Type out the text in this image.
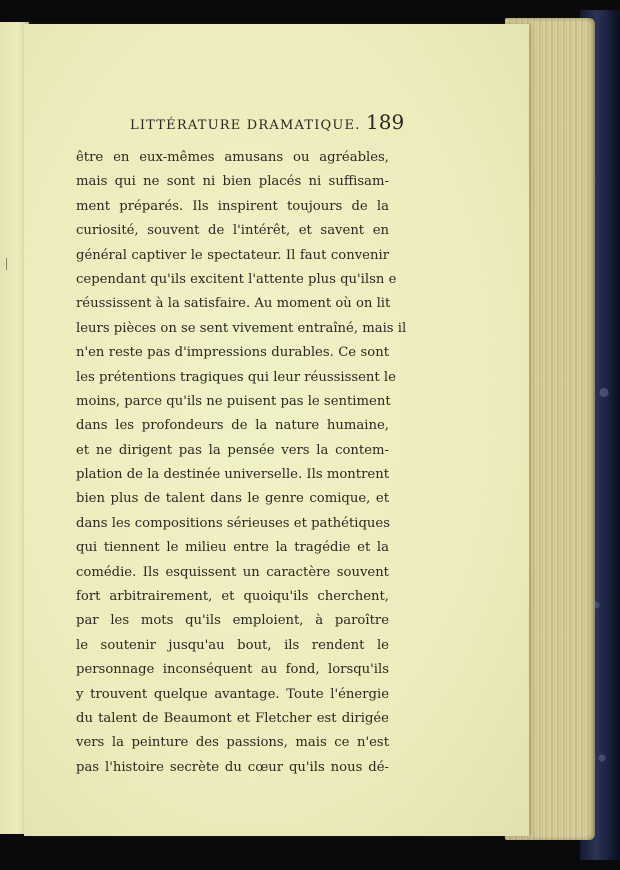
LITTÉRATURE DRAMATIQUE. 189
être en eux-mêmes amusans ou agréables,
mais qui ne sont ni bien placés ni suffisam-
ment préparés. Ils inspirent toujours de la
curiosité, souvent de l'intérêt, et savent en
général captiver le spectateur. Il faut convenir
cependant qu'ils excitent l'attente plus qu'ilsn e
réussissent à la satisfaire. Au moment où on lit
leurs pièces on se sent vivement entraîné, mais il
n'en reste pas d'impressions durables. Ce sont
les prétentions tragiques qui leur réussissent le
moins, parce qu'ils ne puisent pas le sentiment
dans les profondeurs de la nature humaine,
et ne dirigent pas la pensée vers la contem-
plation de la destinée universelle. Ils montrent
bien plus de talent dans le genre comique, et
dans les compositions sérieuses et pathétiques
qui tiennent le milieu entre la tragédie et la
comédie. Ils esquissent un caractère souvent
fort arbitrairement, et quoiqu'ils cherchent,
par les mots qu'ils emploient, à paroître
le soutenir jusqu'au bout, ils rendent le
personnage inconséquent au fond, lorsqu'ils
y trouvent quelque avantage. Toute l'énergie
du talent de Beaumont et Fletcher est dirigée
vers la peinture des passions, mais ce n'est
pas l'histoire secrète du cœur qu'ils nous dé-
